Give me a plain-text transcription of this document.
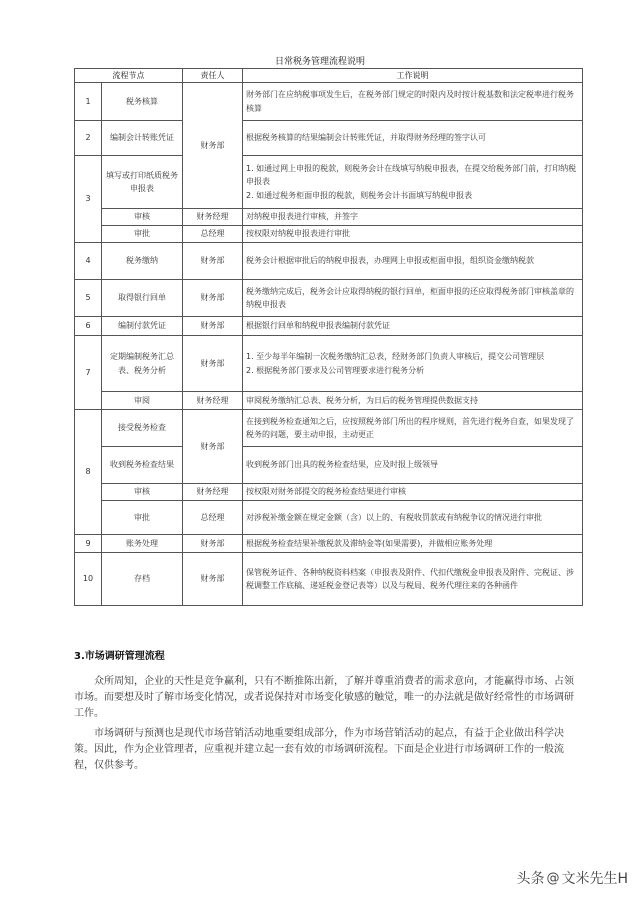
日常税务管理流程说明
流程节点		责任人	工作说明
1	税务核算	财务部	财务部门在应纳税事项发生后，在税务部门规定的时限内及时按计税基数和法定税率进行税务核算
2	编制会计转账凭证		根据税务核算的结果编制会计转账凭证，并取得财务经理的签字认可
3	填写或打印纸质税务申报表		1. 如通过网上申报的税款，则税务会计在线填写纳税申报表，在提交给税务部门前，打印纳税申报表
2. 如通过税务柜面申报的税款，则税务会计书面填写纳税申报表
	审核	财务经理	对纳税申报表进行审核，并签字
	审批	总经理	按权限对纳税申报表进行审批
4	税务缴纳	财务部	税务会计根据审批后的纳税申报表，办理网上申报或柜面申报，组织资金缴纳税款
5	取得银行回单	财务部	税务缴纳完成后，税务会计应取得纳税的银行回单，柜面申报的还应取得税务部门审核盖章的纳税申报表
6	编制付款凭证	财务部	根据银行回单和纳税申报表编制付款凭证
7	定期编制税务汇总表、税务分析	财务部	1. 至少每半年编制一次税务缴纳汇总表，经财务部门负责人审核后，提交公司管理层
2. 根据税务部门要求及公司管理要求进行税务分析
	审阅	财务经理	审阅税务缴纳汇总表、税务分析，为日后的税务管理提供数据支持
8	接受税务检查	财务部	在接到税务检查通知之后，应按照税务部门所出的程序规则，首先进行税务自查，如果发现了税务的问题，要主动申报，主动更正
	收到税务检查结果		收到税务部门出具的税务检查结果，应及时报上级领导
	审核	财务经理	按权限对财务部提交的税务检查结果进行审核
	审批	总经理	对涉税补缴金额在规定金额（含）以上的、有税收罚款或有纳税争议的情况进行审批
9	账务处理	财务部	根据税务检查结果补缴税款及滞纳金等(如果需要)，并做相应账务处理
10	存档	财务部	保管税务证件、各种纳税资料档案（申报表及附件、代扣代缴税金申报表及附件、完税证、涉税调整工作底稿、递延税金登记表等）以及与税局、税务代理往来的各种函件
3.市场调研管理流程

众所周知，企业的天性是竞争赢利，只有不断推陈出新，了解并尊重消费者的需求意向，才能赢得市场、占领市场。而要想及时了解市场变化情况，或者说保持对市场变化敏感的触觉，唯一的办法就是做好经常性的市场调研工作。

市场调研与预测也是现代市场营销活动地重要组成部分，作为市场营销活动的起点，有益于企业做出科学决策。因此，作为企业管理者，应重视并建立起一套有效的市场调研流程。下面是企业进行市场调研工作的一般流程，仅供参考。

头条 @ 文米先生H
